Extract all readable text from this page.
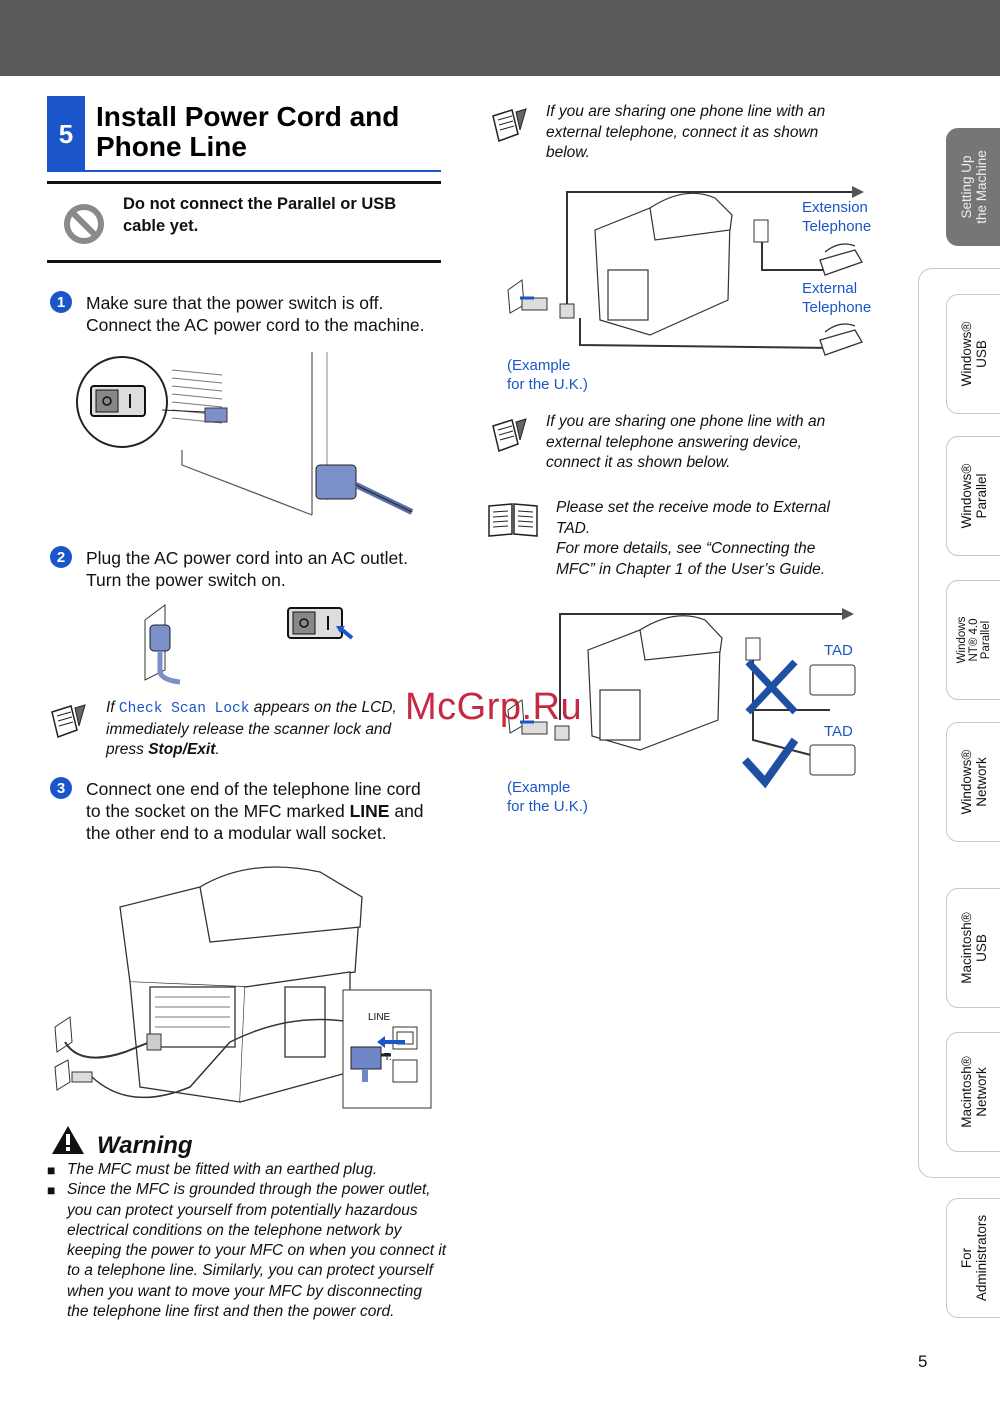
5
Install Power Cord and
Phone Line
Do not connect the Parallel or USB
cable yet.
1	Make sure that the power switch is off.
Connect the AC power cord to the machine.
2	Plug the AC power cord into an AC outlet.
Turn the power switch on.
If Check Scan Lock appears on the LCD,
immediately release the scanner lock and
press Stop/Exit.
3	Connect one end of the telephone line cord
to the socket on the MFC marked LINE and
the other end to a modular wall socket.
LINE
T.
Warning
■ The MFC must be fitted with an earthed plug.
■ Since the MFC is grounded through the power outlet, you can protect yourself from potentially hazardous electrical conditions on the telephone network by keeping the power to your MFC on when you connect it to a telephone line. Similarly, you can protect yourself when you want to move your MFC by disconnecting the telephone line first and then the power cord.
If you are sharing one phone line with an
external telephone, connect it as shown
below.
Extension
Telephone
External
Telephone
(Example
for the U.K.)
If you are sharing one phone line with an
external telephone answering device,
connect it as shown below.
Please set the receive mode to External
TAD.
For more details, see “Connecting the
MFC” in Chapter 1 of the User’s Guide.
TAD
TAD
(Example
for the U.K.)
Setting Up the Machine
Windows® USB
Windows® Parallel
Windows NT® 4.0 Parallel
Windows® Network
Macintosh® USB
Macintosh® Network
For Administrators
5
McGrp.Ru
